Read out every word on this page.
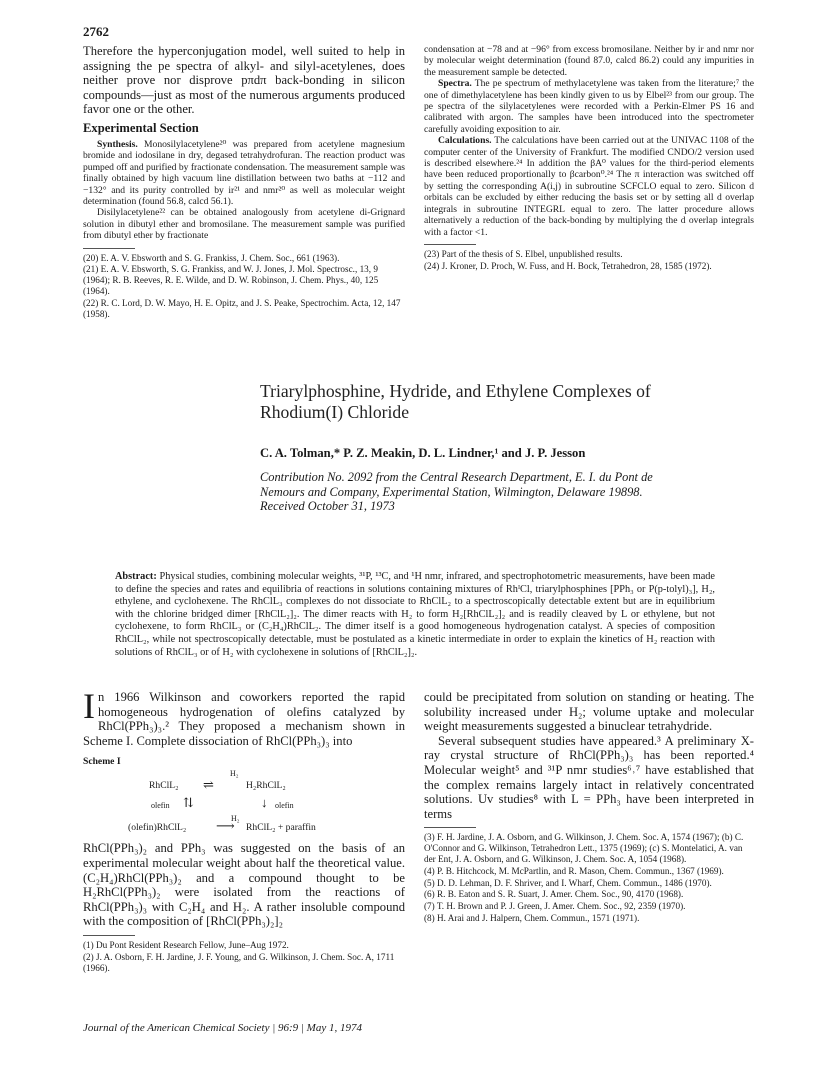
2762

Therefore the hyperconjugation model, well suited to help in assigning the pe spectra of alkyl- and silyl-acetylenes, does neither prove nor disprove pπdπ back-bonding in silicon compounds—just as most of the numerous arguments produced favor one or the other.

Experimental Section

Synthesis. Monosilylacetylene²⁰ was prepared from acetylene magnesium bromide and iodosilane in dry, degased tetrahydrofuran. The reaction product was pumped off and purified by fractionate condensation. The measurement sample was finally obtained by high vacuum line distillation between two baths at −112 and −132° and its purity controlled by ir²¹ and nmr²⁰ as well as molecular weight determination (found 56.8, calcd 56.1).

Disilylacetylene²² can be obtained analogously from acetylene di-Grignard solution in dibutyl ether and bromosilane. The measurement sample was purified from dibutyl ether by fractionate

(20) E. A. V. Ebsworth and S. G. Frankiss, J. Chem. Soc., 661 (1963).

(21) E. A. V. Ebsworth, S. G. Frankiss, and W. J. Jones, J. Mol. Spectrosc., 13, 9 (1964); R. B. Reeves, R. E. Wilde, and D. W. Robinson, J. Chem. Phys., 40, 125 (1964).

(22) R. C. Lord, D. W. Mayo, H. E. Opitz, and J. S. Peake, Spectrochim. Acta, 12, 147 (1958).

condensation at −78 and at −96° from excess bromosilane. Neither by ir and nmr nor by molecular weight determination (found 87.0, calcd 86.2) could any impurities in the measurement sample be detected.

Spectra. The pe spectrum of methylacetylene was taken from the literature;⁷ the one of dimethylacetylene has been kindly given to us by Elbel²³ from our group. The pe spectra of the silylacetylenes were recorded with a Perkin-Elmer PS 16 and calibrated with argon. The samples have been introduced into the spectrometer carefully avoiding exposition to air.

Calculations. The calculations have been carried out at the UNIVAC 1108 of the computer center of the University of Frankfurt. The modified CNDO/2 version used is described elsewhere.²⁴ In addition the βA⁰ values for the third-period elements have been reduced proportionally to βcarbon⁰.²⁴ The π interaction was switched off by setting the corresponding A(i,j) in subroutine SCFCLO equal to zero. Silicon d orbitals can be excluded by either reducing the basis set or by setting all d overlap integrals in subroutine INTEGRL equal to zero. The latter procedure allows alternatively a reduction of the back-bonding by multiplying the d overlap integrals with a factor <1.

(23) Part of the thesis of S. Elbel, unpublished results.

(24) J. Kroner, D. Proch, W. Fuss, and H. Bock, Tetrahedron, 28, 1585 (1972).

Triarylphosphine, Hydride, and Ethylene Complexes of Rhodium(I) Chloride
C. A. Tolman,* P. Z. Meakin, D. L. Lindner,¹ and J. P. Jesson
Contribution No. 2092 from the Central Research Department, E. I. du Pont de Nemours and Company, Experimental Station, Wilmington, Delaware 19898. Received October 31, 1973
Abstract: Physical studies, combining molecular weights, ³¹P, ¹³C, and ¹H nmr, infrared, and spectrophotometric measurements, have been made to define the species and rates and equilibria of reactions in solutions containing mixtures of RhᴵCl, triarylphosphines [PPh₃ or P(p-tolyl)₃], H₂, ethylene, and cyclohexene. The RhClL₃ complexes do not dissociate to RhClL₂ to a spectroscopically detectable extent but are in equilibrium with the chlorine bridged dimer [RhClL₂]₂. The dimer reacts with H₂ to form H₂[RhClL₂]₂ and is readily cleaved by L or ethylene, but not cyclohexene, to form RhClL₃ or (C₂H₄)RhClL₂. The dimer itself is a good homogeneous hydrogenation catalyst. A species of composition RhClL₂, while not spectroscopically detectable, must be postulated as a kinetic intermediate in order to explain the kinetics of H₂ reaction with solutions of RhClL₃ or of H₂ with cyclohexene in solutions of [RhClL₂]₂.

In 1966 Wilkinson and coworkers reported the rapid homogeneous hydrogenation of olefins catalyzed by RhCl(PPh₃)₃.² They proposed a mechanism shown in Scheme I. Complete dissociation of RhCl(PPh₃)₃ into

Scheme I
RhClL₂
H₂
⇌	H₂RhClL₂
olefin ⇅	↓ olefin
H₂
(olefin)RhClL₂ ⟶ RhClL₂ + paraffin

RhCl(PPh₃)₂ and PPh₃ was suggested on the basis of an experimental molecular weight about half the theoretical value. (C₂H₄)RhCl(PPh₃)₂ and a compound thought to be H₂RhCl(PPh₃)₂ were isolated from the reactions of RhCl(PPh₃)₃ with C₂H₄ and H₂. A rather insoluble compound with the composition of [RhCl(PPh₃)₂]₂

(1) Du Pont Resident Research Fellow, June–Aug 1972.

(2) J. A. Osborn, F. H. Jardine, J. F. Young, and G. Wilkinson, J. Chem. Soc. A, 1711 (1966).

could be precipitated from solution on standing or heating. The solubility increased under H₂; volume uptake and molecular weight measurements suggested a binuclear tetrahydride.

Several subsequent studies have appeared.³ A preliminary X-ray crystal structure of RhCl(PPh₃)₃ has been reported.⁴ Molecular weight⁵ and ³¹P nmr studies⁶˒⁷ have established that the complex remains largely intact in relatively concentrated solutions. Uv studies⁸ with L = PPh₃ have been interpreted in terms

(3) F. H. Jardine, J. A. Osborn, and G. Wilkinson, J. Chem. Soc. A, 1574 (1967); (b) C. O'Connor and G. Wilkinson, Tetrahedron Lett., 1375 (1969); (c) S. Montelatici, A. van der Ent, J. A. Osborn, and G. Wilkinson, J. Chem. Soc. A, 1054 (1968).

(4) P. B. Hitchcock, M. McPartlin, and R. Mason, Chem. Commun., 1367 (1969).

(5) D. D. Lehman, D. F. Shriver, and I. Wharf, Chem. Commun., 1486 (1970).

(6) R. B. Eaton and S. R. Suart, J. Amer. Chem. Soc., 90, 4170 (1968).

(7) T. H. Brown and P. J. Green, J. Amer. Chem. Soc., 92, 2359 (1970).

(8) H. Arai and J. Halpern, Chem. Commun., 1571 (1971).

Journal of the American Chemical Society | 96:9 | May 1, 1974
